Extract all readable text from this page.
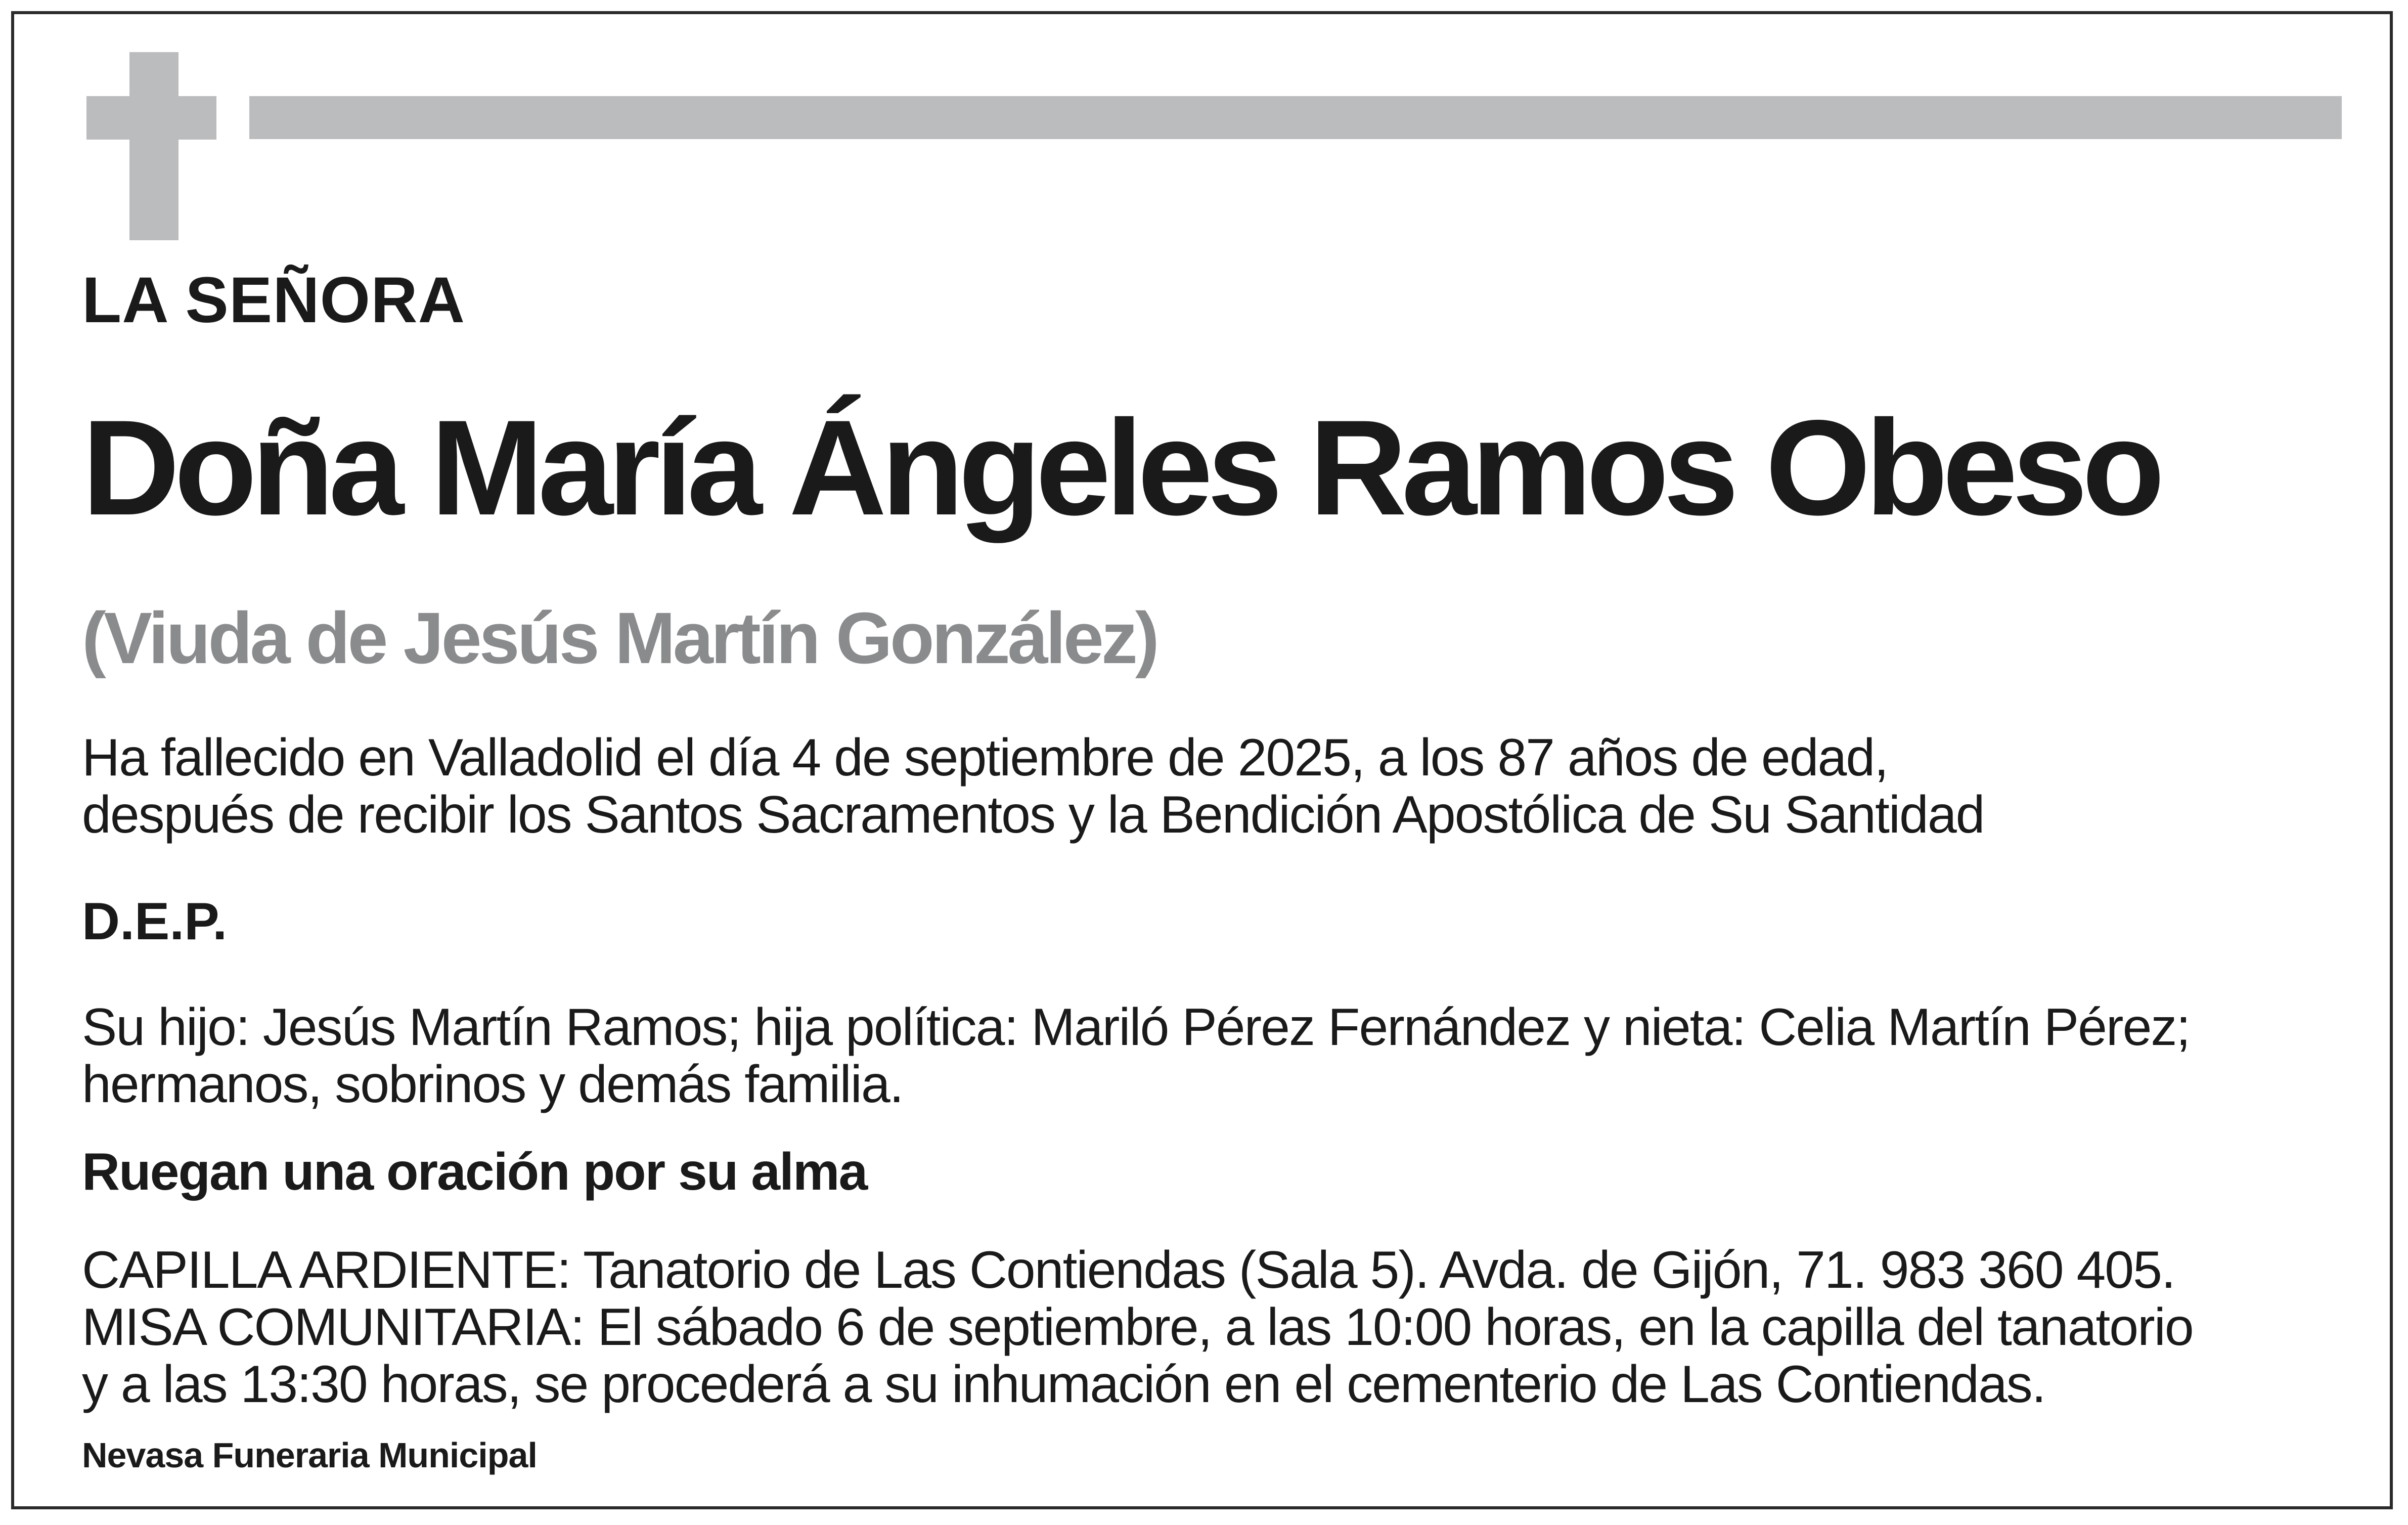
LA SEÑORA

Doña María Ángeles Ramos Obeso

(Viuda de Jesús Martín González)

Ha fallecido en Valladolid el día 4 de septiembre de 2025, a los 87 años de edad,
después de recibir los Santos Sacramentos y la Bendición Apostólica de Su Santidad

D.E.P.

Su hijo: Jesús Martín Ramos; hija política: Mariló Pérez Fernández y nieta: Celia Martín Pérez;
hermanos, sobrinos y demás familia.

Ruegan una oración por su alma

CAPILLA ARDIENTE: Tanatorio de Las Contiendas (Sala 5). Avda. de Gijón, 71. 983 360 405.
MISA COMUNITARIA: El sábado 6 de septiembre, a las 10:00 horas, en la capilla del tanatorio
y a las 13:30 horas, se procederá a su inhumación en el cementerio de Las Contiendas.

Nevasa Funeraria Municipal
